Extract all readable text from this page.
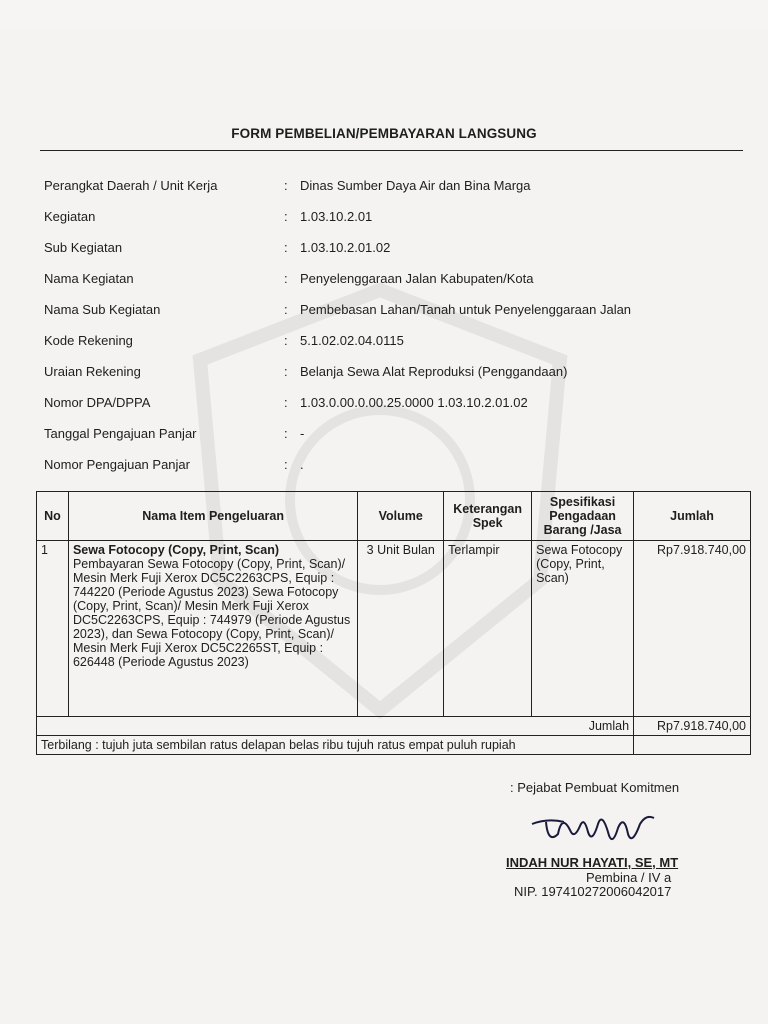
FORM PEMBELIAN/PEMBAYARAN LANGSUNG
Perangkat Daerah / Unit Kerja	: Dinas Sumber Daya Air dan Bina Marga
Kegiatan	: 1.03.10.2.01
Sub Kegiatan	: 1.03.10.2.01.02
Nama Kegiatan	: Penyelenggaraan Jalan Kabupaten/Kota
Nama Sub Kegiatan	: Pembebasan Lahan/Tanah untuk Penyelenggaraan Jalan
Kode Rekening	: 5.1.02.02.04.0115
Uraian Rekening	: Belanja Sewa Alat Reproduksi (Penggandaan)
Nomor DPA/DPPA	: 1.03.0.00.0.00.25.0000 1.03.10.2.01.02
Tanggal Pengajuan Panjar	: -
Nomor Pengajuan Panjar	: .
No	Nama Item Pengeluaran	Volume	Keterangan Spek	Spesifikasi Pengadaan Barang /Jasa	Jumlah
1	Sewa Fotocopy (Copy, Print, Scan)
Pembayaran Sewa Fotocopy (Copy, Print, Scan)/ Mesin Merk Fuji Xerox DC5C2263CPS, Equip : 744220 (Periode Agustus 2023) Sewa Fotocopy (Copy, Print, Scan)/ Mesin Merk Fuji Xerox DC5C2263CPS, Equip : 744979 (Periode Agustus 2023), dan Sewa Fotocopy (Copy, Print, Scan)/ Mesin Merk Fuji Xerox DC5C2265ST, Equip : 626448 (Periode Agustus 2023)	3 Unit Bulan	Terlampir	Sewa Fotocopy (Copy, Print, Scan)	Rp7.918.740,00
Jumlah					Rp7.918.740,00
Terbilang : tujuh juta sembilan ratus delapan belas ribu tujuh ratus empat puluh rupiah					
: Pejabat Pembuat Komitmen
INDAH NUR HAYATI, SE, MT
Pembina / IV a
NIP. 197410272006042017
